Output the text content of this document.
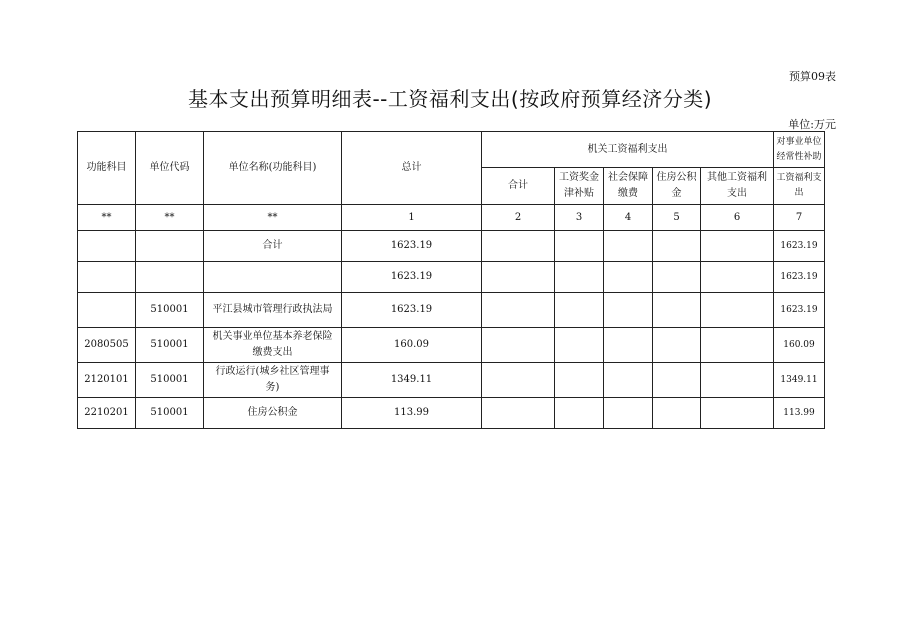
预算09表
基本支出预算明细表--工资福利支出(按政府预算经济分类)
单位:万元
功能科目	单位代码	单位名称(功能科目)	总计	机关工资福利支出					对事业单位经常性补助
				合计	工资奖金津补贴	社会保障缴费	住房公积金	其他工资福利支出	工资福利支出
**	**	**	1	2	3	4	5	6	7
		合计	1623.19						1623.19
			1623.19						1623.19
	510001	平江县城市管理行政执法局	1623.19						1623.19
2080505	510001	机关事业单位基本养老保险缴费支出	160.09						160.09
2120101	510001	行政运行(城乡社区管理事务)	1349.11						1349.11
2210201	510001	住房公积金	113.99						113.99
